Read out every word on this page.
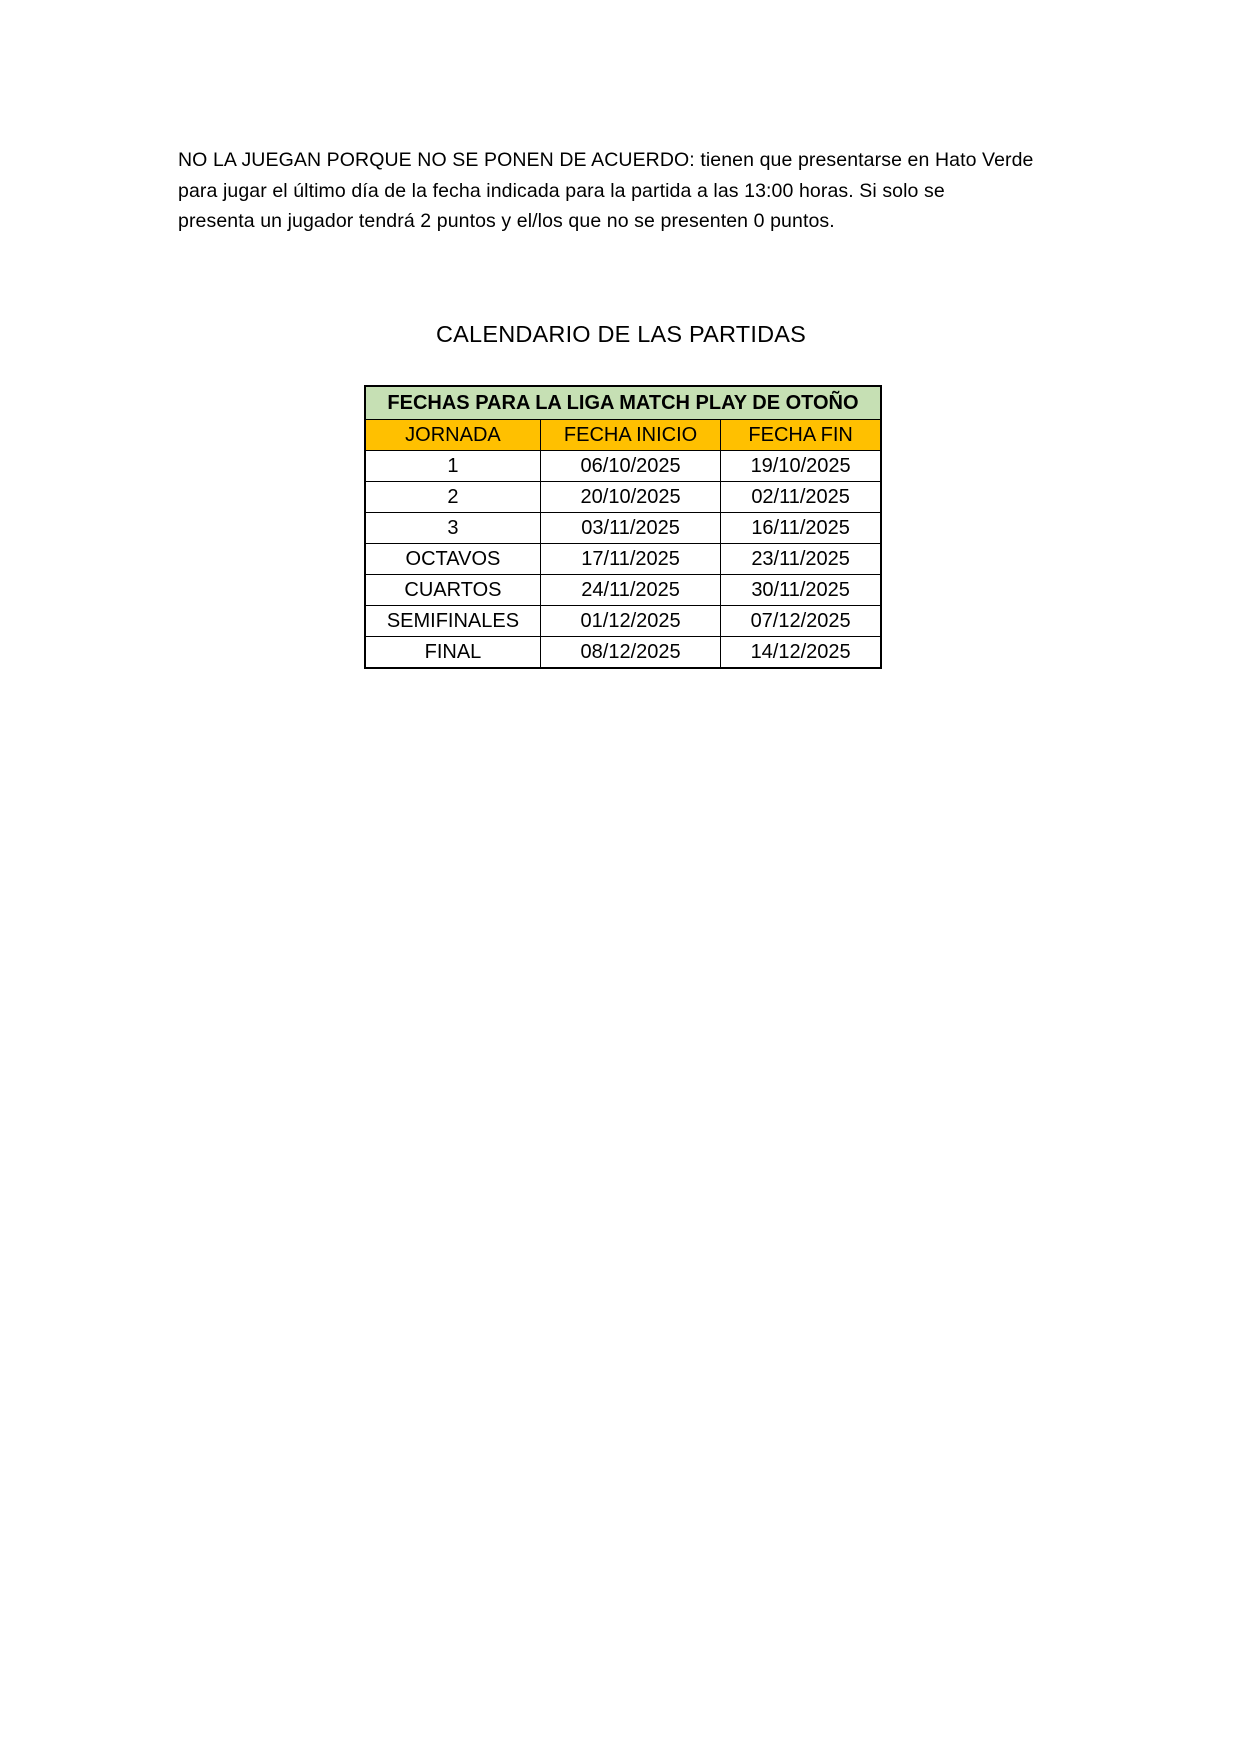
NO LA JUEGAN PORQUE NO SE PONEN DE ACUERDO: tienen que presentarse en Hato Verde

para jugar el último día de la fecha indicada para la partida a las 13:00 horas. Si solo se

presenta un jugador tendrá 2 puntos y el/los que no se presenten 0 puntos.

CALENDARIO DE LAS PARTIDAS
FECHAS PARA LA LIGA MATCH PLAY DE OTOÑO		
JORNADA	FECHA INICIO	FECHA FIN
1	06/10/2025	19/10/2025
2	20/10/2025	02/11/2025
3	03/11/2025	16/11/2025
OCTAVOS	17/11/2025	23/11/2025
CUARTOS	24/11/2025	30/11/2025
SEMIFINALES	01/12/2025	07/12/2025
FINAL	08/12/2025	14/12/2025
